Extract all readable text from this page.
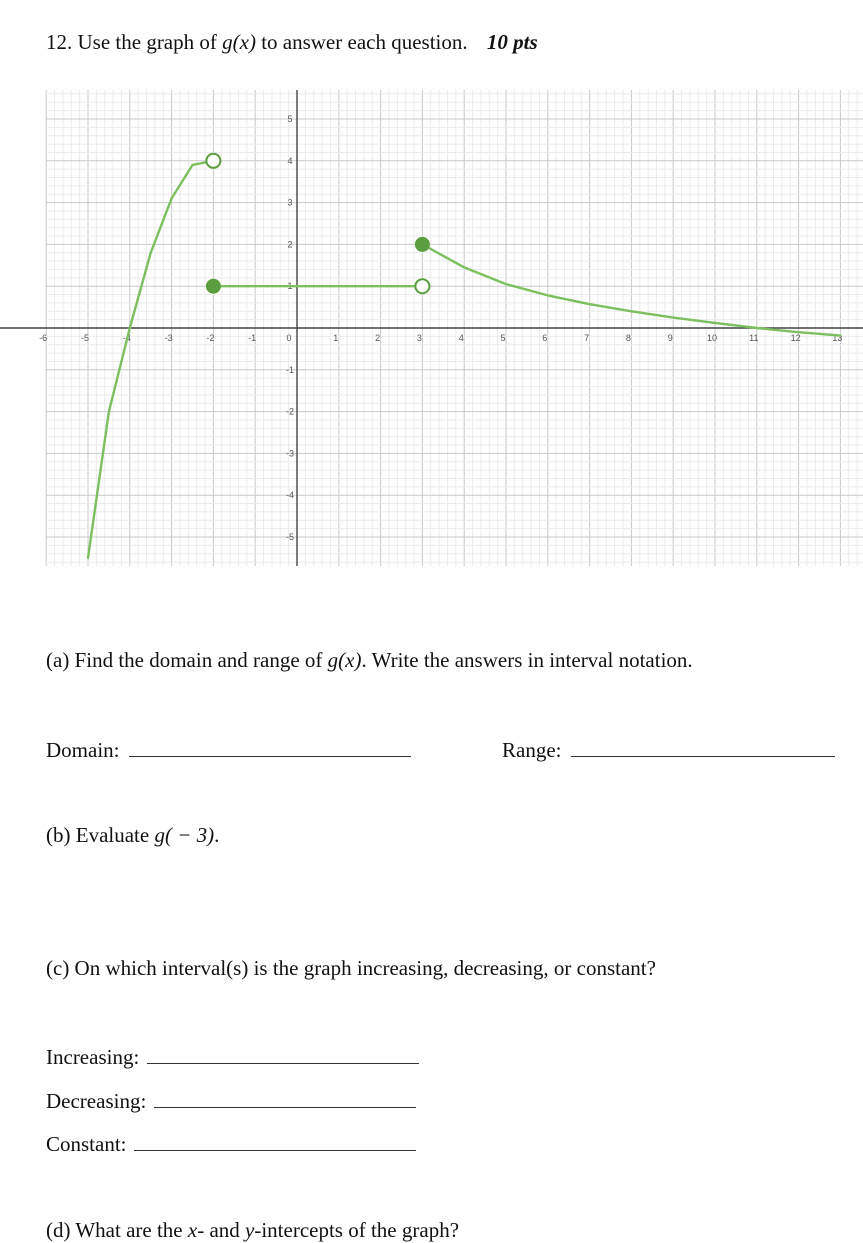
12. Use the graph of g(x) to answer each question. 10 pts
-6	-5	-4	-3	-2	-1	0	1	2	3	4	5	6	7	8	9	10	11	12	13
5
4
3
2
1
-1
-2
-3
-4
-5
(a) Find the domain and range of g(x). Write the answers in interval notation.
Domain:	Range:
(b) Evaluate g( − 3).
(c) On which interval(s) is the graph increasing, decreasing, or constant?
Increasing:
Decreasing:
Constant:
(d) What are the x- and y-intercepts of the graph?
